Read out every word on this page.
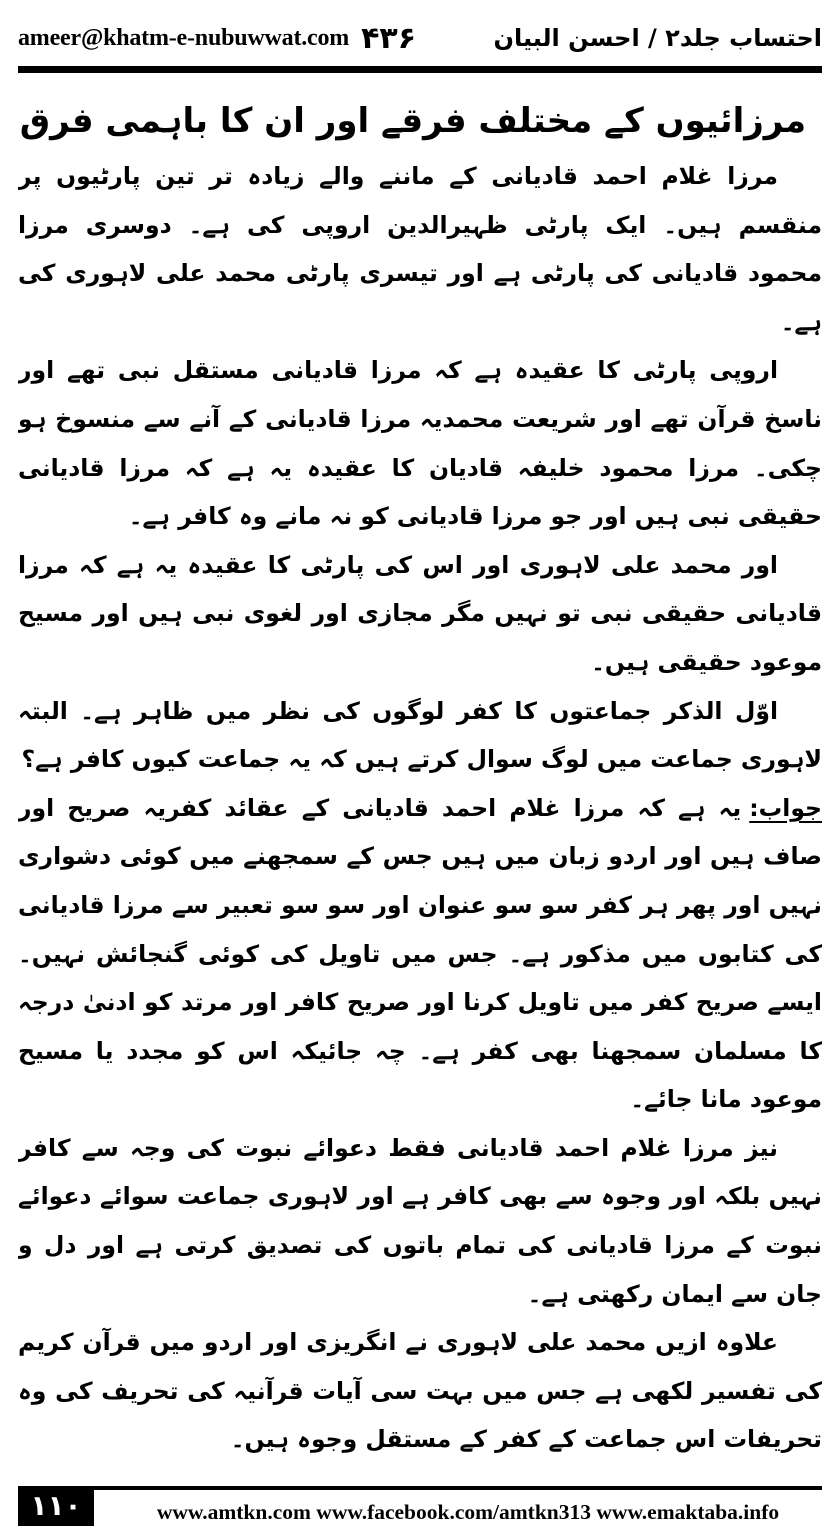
ameer@khatm-e-nubuwwat.com ۴۳۶	احتساب جلد۲ / احسن البیان
مرزائیوں کے مختلف فرقے اور ان کا باہمی فرق

مرزا غلام احمد قادیانی کے ماننے والے زیادہ تر تین پارٹیوں پر منقسم ہیں۔ ایک پارٹی ظہیرالدین اروپی کی ہے۔ دوسری مرزا محمود قادیانی کی پارٹی ہے اور تیسری پارٹی محمد علی لاہوری کی ہے۔

اروپی پارٹی کا عقیدہ ہے کہ مرزا قادیانی مستقل نبی تھے اور ناسخ قرآن تھے اور شریعت محمدیہ مرزا قادیانی کے آنے سے منسوخ ہو چکی۔ مرزا محمود خلیفہ قادیان کا عقیدہ یہ ہے کہ مرزا قادیانی حقیقی نبی ہیں اور جو مرزا قادیانی کو نہ مانے وہ کافر ہے۔

اور محمد علی لاہوری اور اس کی پارٹی کا عقیدہ یہ ہے کہ مرزا قادیانی حقیقی نبی تو نہیں مگر مجازی اور لغوی نبی ہیں اور مسیح موعود حقیقی ہیں۔

اوّل الذکر جماعتوں کا کفر لوگوں کی نظر میں ظاہر ہے۔ البتہ لاہوری جماعت میں لوگ سوال کرتے ہیں کہ یہ جماعت کیوں کافر ہے؟

جواب:یہ ہے کہ مرزا غلام احمد قادیانی کے عقائد کفریہ صریح اور صاف ہیں اور اردو زبان میں ہیں جس کے سمجھنے میں کوئی دشواری نہیں اور پھر ہر کفر سو سو عنوان اور سو سو تعبیر سے مرزا قادیانی کی کتابوں میں مذکور ہے۔ جس میں تاویل کی کوئی گنجائش نہیں۔ ایسے صریح کفر میں تاویل کرنا اور صریح کافر اور مرتد کو ادنیٰ درجہ کا مسلمان سمجھنا بھی کفر ہے۔ چہ جائیکہ اس کو مجدد یا مسیح موعود مانا جائے۔

نیز مرزا غلام احمد قادیانی فقط دعوائے نبوت کی وجہ سے کافر نہیں بلکہ اور وجوہ سے بھی کافر ہے اور لاہوری جماعت سوائے دعوائے نبوت کے مرزا قادیانی کی تمام باتوں کی تصدیق کرتی ہے اور دل و جان سے ایمان رکھتی ہے۔

علاوہ ازیں محمد علی لاہوری نے انگریزی اور اردو میں قرآن کریم کی تفسیر لکھی ہے جس میں بہت سی آیات قرآنیہ کی تحریف کی وہ تحریفات اس جماعت کے کفر کے مستقل وجوہ ہیں۔

١١٠	www.amtkn.com www.facebook.com/amtkn313 www.emaktaba.info
